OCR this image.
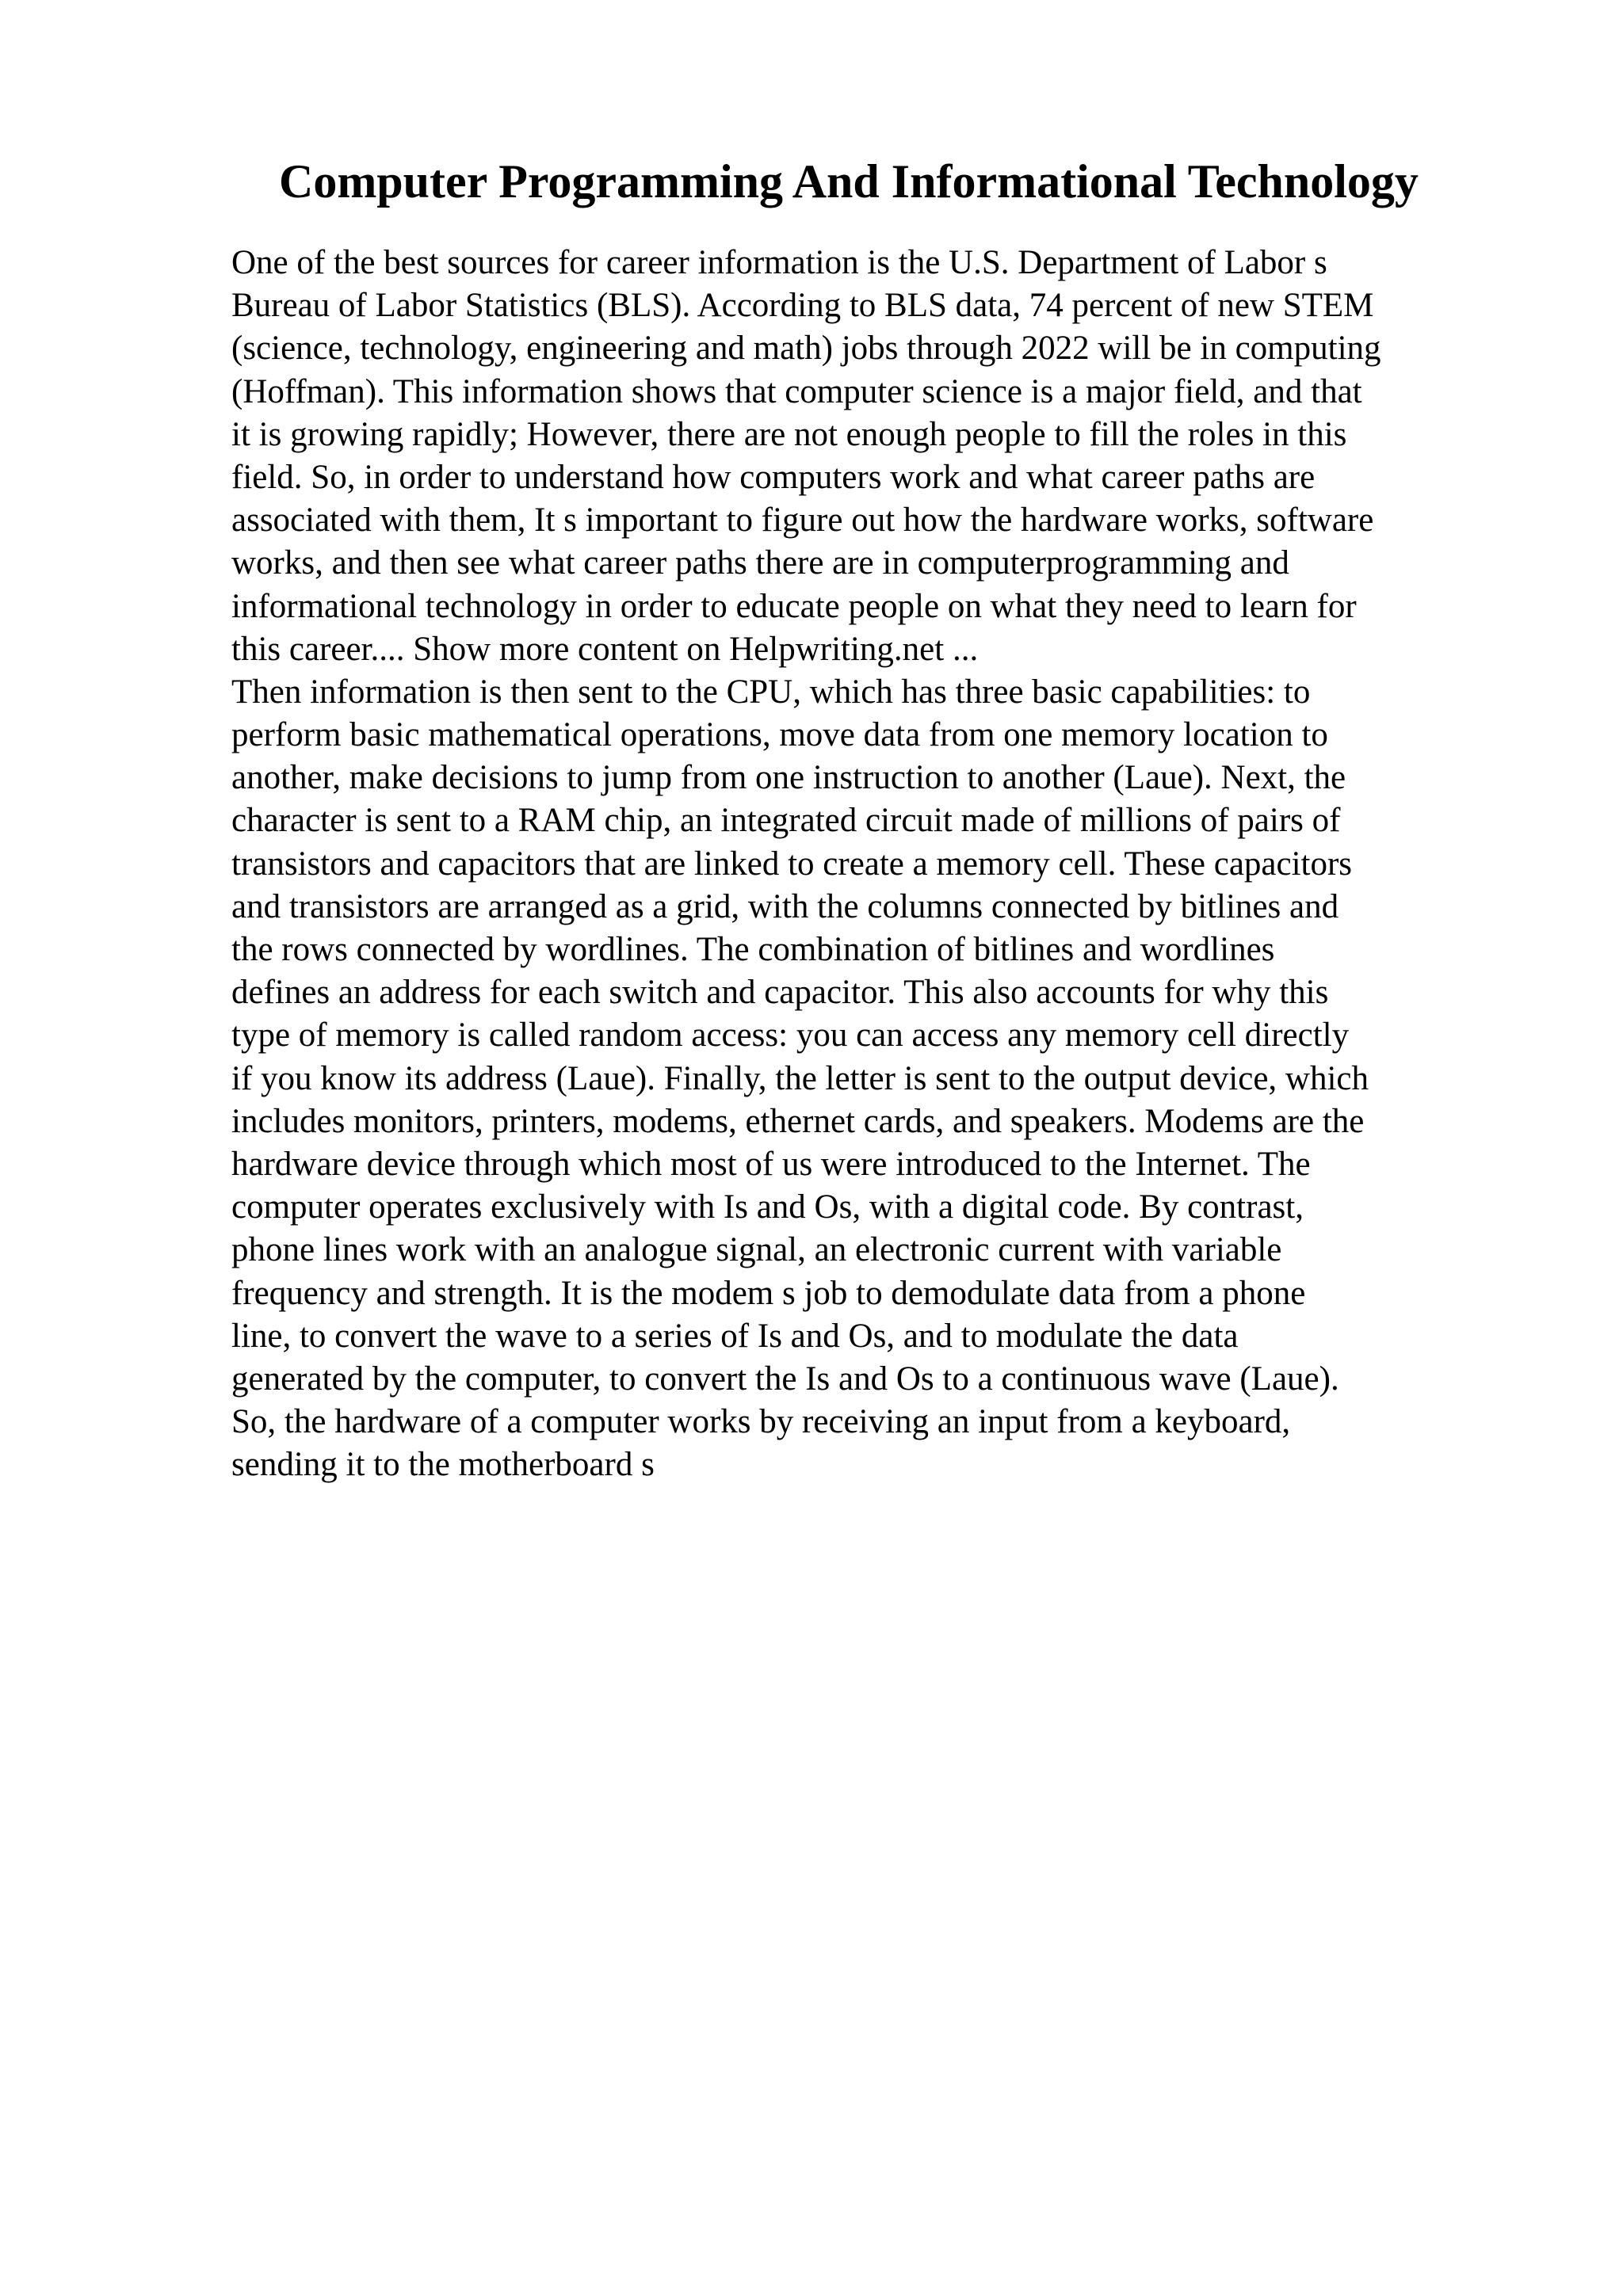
Computer Programming And Informational Technology
One of the best sources for career information is the U.S. Department of Labor s
Bureau of Labor Statistics (BLS). According to BLS data, 74 percent of new STEM
(science, technology, engineering and math) jobs through 2022 will be in computing
(Hoffman). This information shows that computer science is a major field, and that
it is growing rapidly; However, there are not enough people to fill the roles in this
field. So, in order to understand how computers work and what career paths are
associated with them, It s important to figure out how the hardware works, software
works, and then see what career paths there are in computerprogramming and
informational technology in order to educate people on what they need to learn for
this career.... Show more content on Helpwriting.net ...
Then information is then sent to the CPU, which has three basic capabilities: to
perform basic mathematical operations, move data from one memory location to
another, make decisions to jump from one instruction to another (Laue). Next, the
character is sent to a RAM chip, an integrated circuit made of millions of pairs of
transistors and capacitors that are linked to create a memory cell. These capacitors
and transistors are arranged as a grid, with the columns connected by bitlines and
the rows connected by wordlines. The combination of bitlines and wordlines
defines an address for each switch and capacitor. This also accounts for why this
type of memory is called random access: you can access any memory cell directly
if you know its address (Laue). Finally, the letter is sent to the output device, which
includes monitors, printers, modems, ethernet cards, and speakers. Modems are the
hardware device through which most of us were introduced to the Internet. The
computer operates exclusively with Is and Os, with a digital code. By contrast,
phone lines work with an analogue signal, an electronic current with variable
frequency and strength. It is the modem s job to demodulate data from a phone
line, to convert the wave to a series of Is and Os, and to modulate the data
generated by the computer, to convert the Is and Os to a continuous wave (Laue).
So, the hardware of a computer works by receiving an input from a keyboard,
sending it to the motherboard s
